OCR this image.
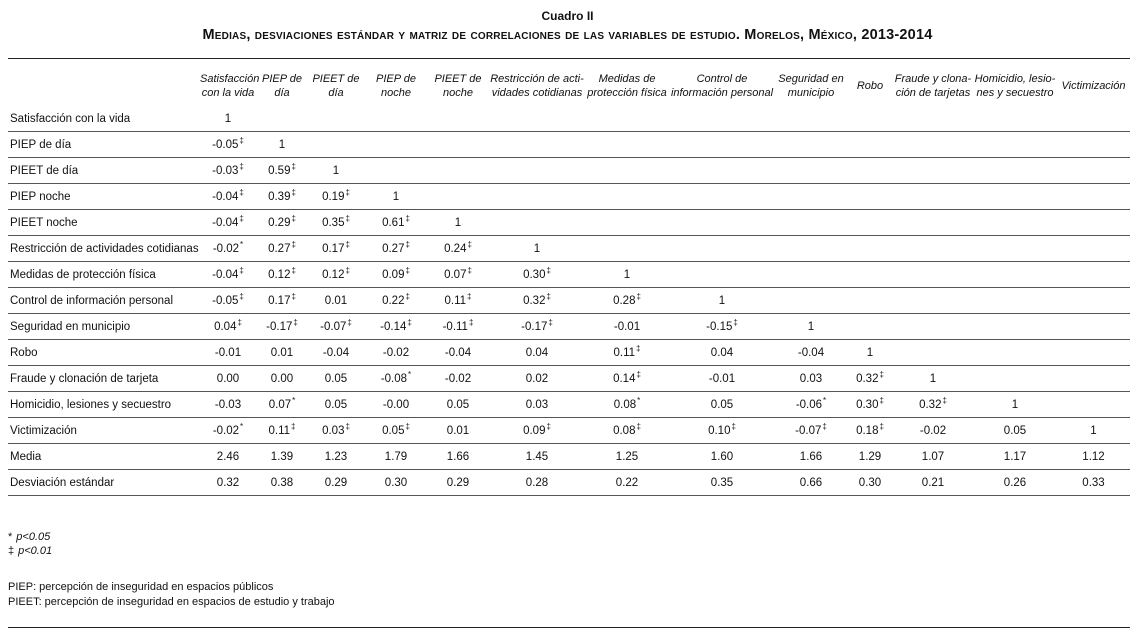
Cuadro II
Medias, desviaciones estándar y matriz de correlaciones de las variables de estudio. Morelos, México, 2013-2014
	Satisfacción con la vida	PIEP de día	PIEET de día	PIEP de noche	PIEET de noche	Restricción de acti- vidades cotidianas	Medidas de protección física	Control de información personal	Seguridad en municipio	Robo	Fraude y clona- ción de tarjetas	Homicidio, lesio- nes y secuestro	Victimización
Satisfacción con la vida	1												
PIEP de día	-0.05‡	1											
PIEET de día	-0.03‡	0.59‡	1										
PIEP noche	-0.04‡	0.39‡	0.19‡	1									
PIEET noche	-0.04‡	0.29‡	0.35‡	0.61‡	1								
Restricción de actividades cotidianas	-0.02*	0.27‡	0.17‡	0.27‡	0.24‡	1							
Medidas de protección física	-0.04‡	0.12‡	0.12‡	0.09‡	0.07‡	0.30‡	1						
Control de información personal	-0.05‡	0.17‡	0.01	0.22‡	0.11‡	0.32‡	0.28‡	1					
Seguridad en municipio	0.04‡	-0.17‡	-0.07‡	-0.14‡	-0.11‡	-0.17‡	-0.01	-0.15‡	1				
Robo	-0.01	0.01	-0.04	-0.02	-0.04	0.04	0.11‡	0.04	-0.04	1			
Fraude y clonación de tarjeta	0.00	0.00	0.05	-0.08*	-0.02	0.02	0.14‡	-0.01	0.03	0.32‡	1		
Homicidio, lesiones y secuestro	-0.03	0.07*	0.05	-0.00	0.05	0.03	0.08*	0.05	-0.06*	0.30‡	0.32‡	1	
Victimización	-0.02*	0.11‡	0.03‡	0.05‡	0.01	0.09‡	0.08‡	0.10‡	-0.07‡	0.18‡	-0.02	0.05	1
Media	2.46	1.39	1.23	1.79	1.66	1.45	1.25	1.60	1.66	1.29	1.07	1.17	1.12
Desviación estándar	0.32	0.38	0.29	0.30	0.29	0.28	0.22	0.35	0.66	0.30	0.21	0.26	0.33
* p<0.05
‡ p<0.01
PIEP: percepción de inseguridad en espacios públicos
PIEET: percepción de inseguridad en espacios de estudio y trabajo
